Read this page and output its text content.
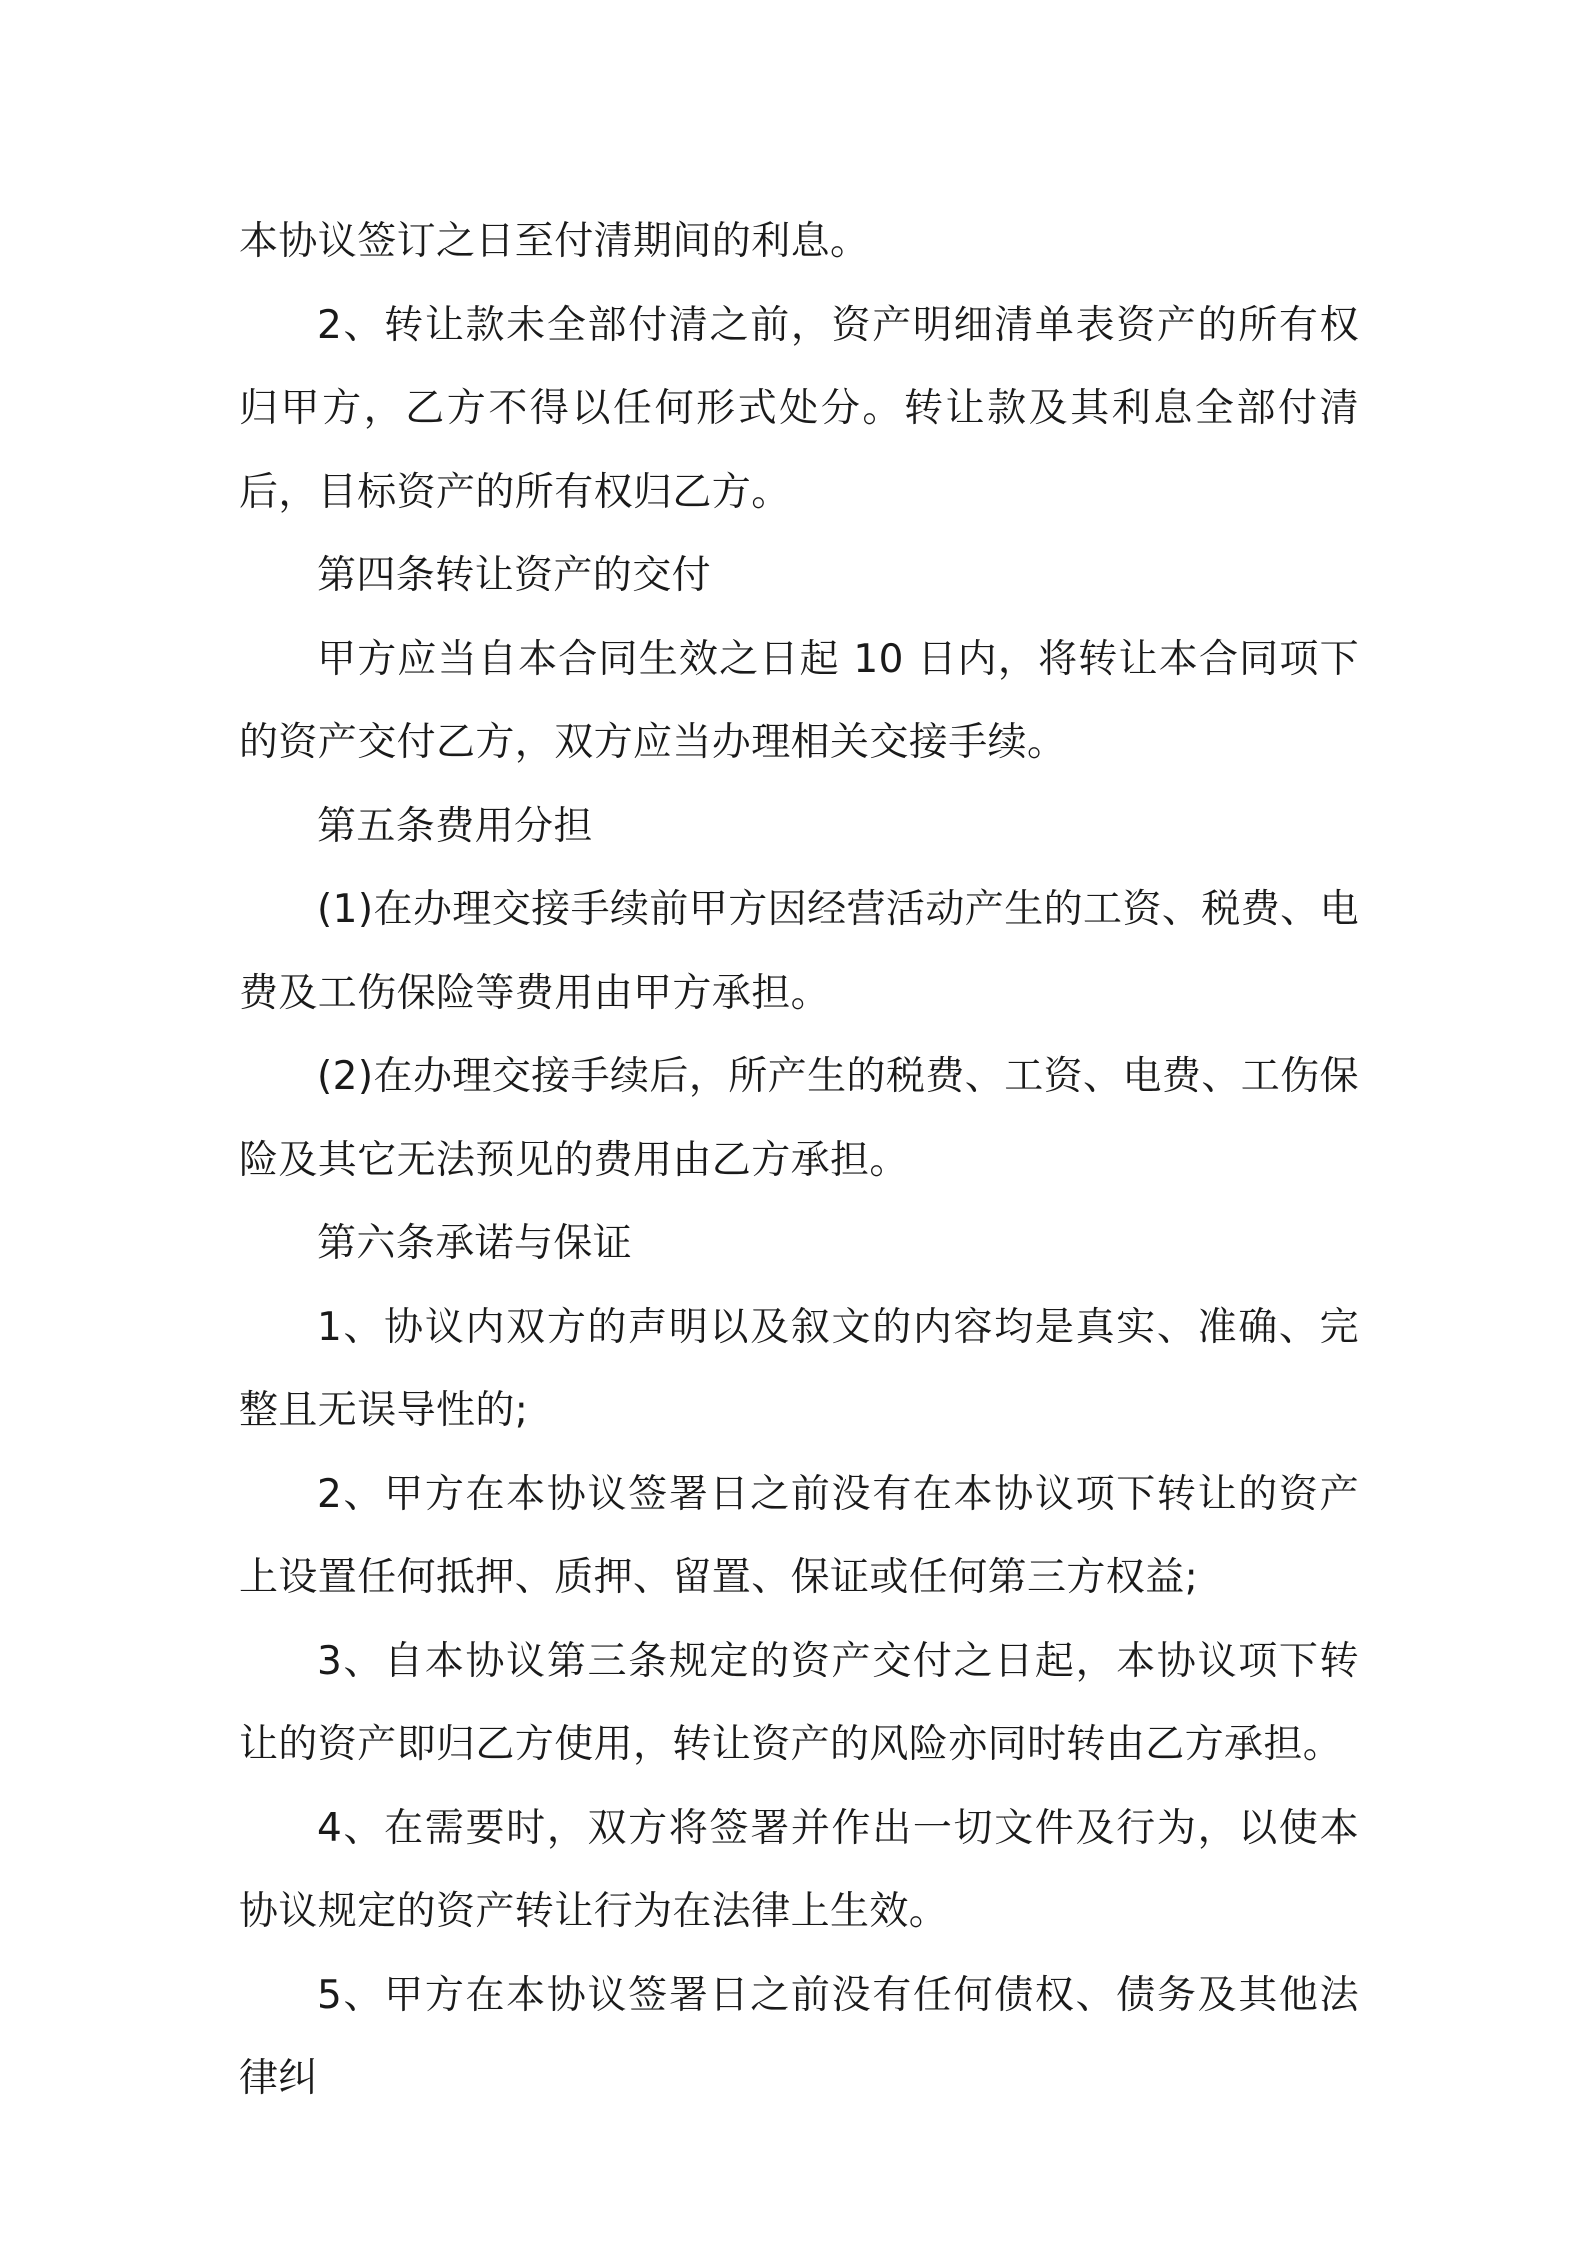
本协议签订之日至付清期间的利息。

2、转让款未全部付清之前，资产明细清单表资产的所有权归甲方，乙方不得以任何形式处分。转让款及其利息全部付清后，目标资产的所有权归乙方。

第四条转让资产的交付

甲方应当自本合同生效之日起 10 日内，将转让本合同项下的资产交付乙方，双方应当办理相关交接手续。

第五条费用分担

(1)在办理交接手续前甲方因经营活动产生的工资、税费、电费及工伤保险等费用由甲方承担。

(2)在办理交接手续后，所产生的税费、工资、电费、工伤保险及其它无法预见的费用由乙方承担。

第六条承诺与保证

1、协议内双方的声明以及叙文的内容均是真实、准确、完整且无误导性的;

2、甲方在本协议签署日之前没有在本协议项下转让的资产上设置任何抵押、质押、留置、保证或任何第三方权益;

3、自本协议第三条规定的资产交付之日起，本协议项下转让的资产即归乙方使用，转让资产的风险亦同时转由乙方承担。

4、在需要时，双方将签署并作出一切文件及行为，以使本协议规定的资产转让行为在法律上生效。

5、甲方在本协议签署日之前没有任何债权、债务及其他法律纠
